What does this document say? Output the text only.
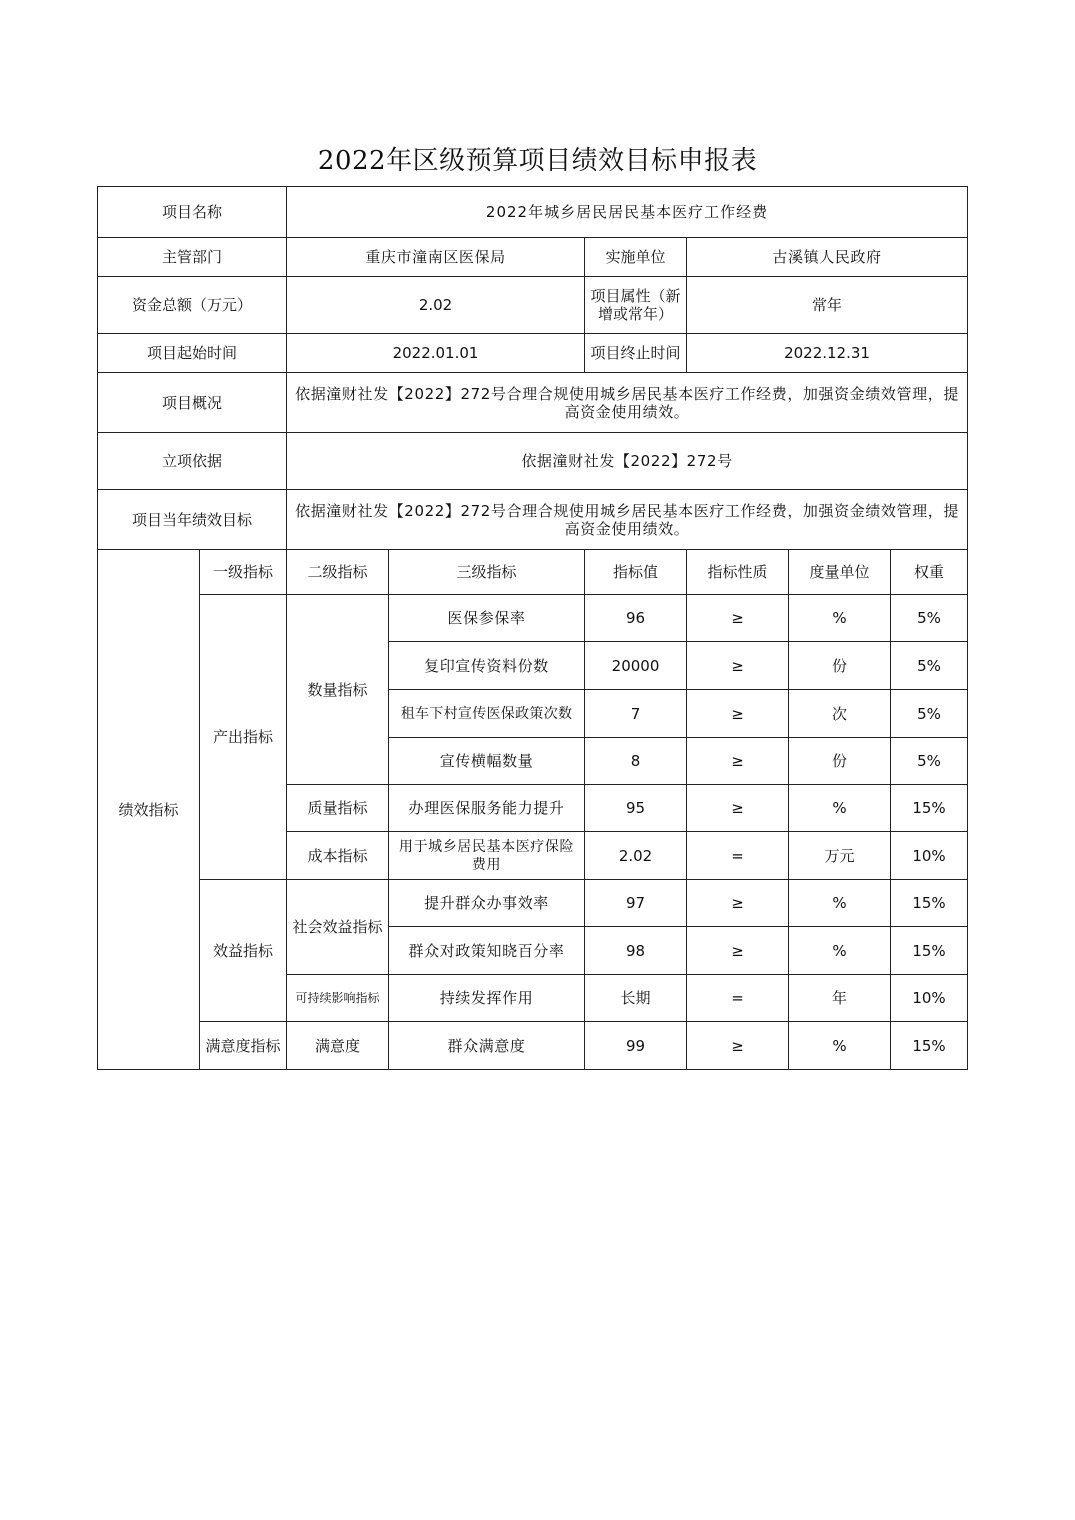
2022年区级预算项目绩效目标申报表
项目名称		2022年城乡居民居民基本医疗工作经费					
主管部门		重庆市潼南区医保局		实施单位	古溪镇人民政府		
资金总额（万元）		2.02		项目属性（新增或常年）	常年		
项目起始时间		2022.01.01		项目终止时间	2022.12.31		
项目概况		依据潼财社发【2022】272号合理合规使用城乡居民基本医疗工作经费，加强资金绩效管理，提高资金使用绩效。					
立项依据		依据潼财社发【2022】272号					
项目当年绩效目标		依据潼财社发【2022】272号合理合规使用城乡居民基本医疗工作经费，加强资金绩效管理，提高资金使用绩效。					
绩效指标	一级指标	二级指标	三级指标	指标值	指标性质	度量单位	权重
	产出指标	数量指标	医保参保率	96	≥	%	5%
			复印宣传资料份数	20000	≥	份	5%
			租车下村宣传医保政策次数	7	≥	次	5%
			宣传横幅数量	8	≥	份	5%
		质量指标	办理医保服务能力提升	95	≥	%	15%
		成本指标	用于城乡居民基本医疗保险费用	2.02	=	万元	10%
	效益指标	社会效益指标	提升群众办事效率	97	≥	%	15%
			群众对政策知晓百分率	98	≥	%	15%
		可持续影响指标	持续发挥作用	长期	=	年	10%
	满意度指标	满意度	群众满意度	99	≥	%	15%
